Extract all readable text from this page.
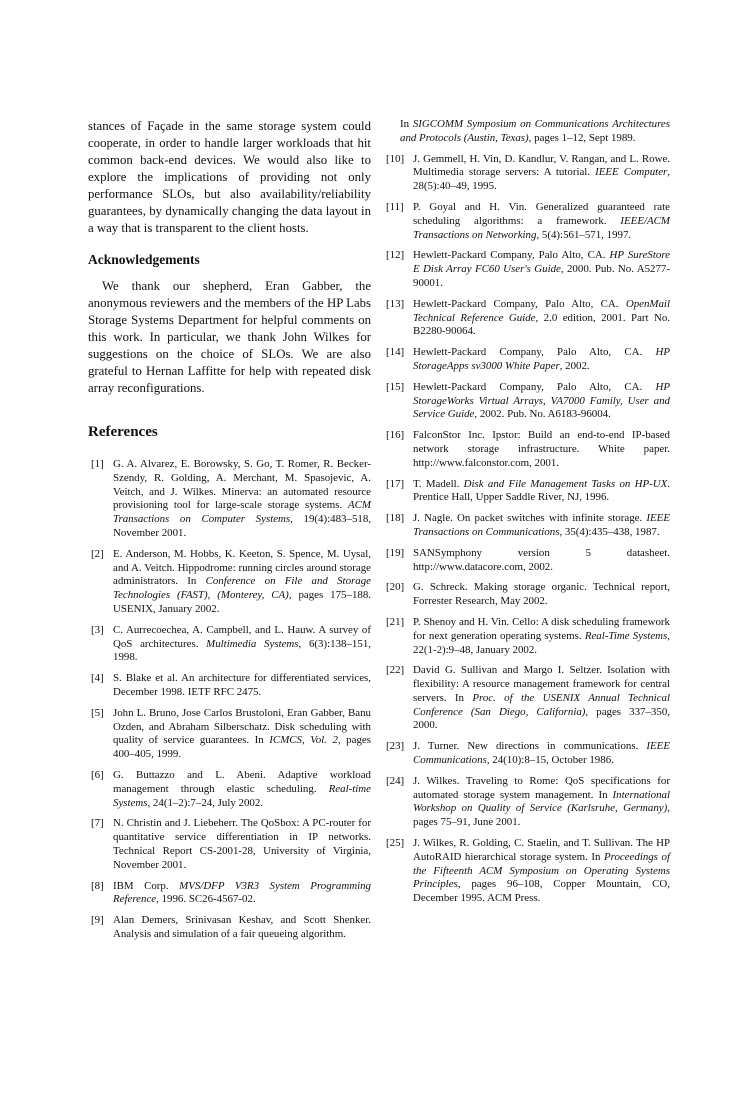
stances of Façade in the same storage system could cooperate, in order to handle larger workloads that hit common back-end devices. We would also like to explore the implications of providing not only performance SLOs, but also availability/reliability guarantees, by dynamically changing the data layout in a way that is transparent to the client hosts.

Acknowledgements

We thank our shepherd, Eran Gabber, the anonymous reviewers and the members of the HP Labs Storage Systems Department for helpful comments on this work. In particular, we thank John Wilkes for suggestions on the choice of SLOs. We are also grateful to Hernan Laffitte for help with repeated disk array reconfigurations.

References
[1] G. A. Alvarez, E. Borowsky, S. Go, T. Romer, R. Becker-Szendy, R. Golding, A. Merchant, M. Spasojevic, A. Veitch, and J. Wilkes. Minerva: an automated resource provisioning tool for large-scale storage systems. ACM Transactions on Computer Systems, 19(4):483–518, November 2001.
[2] E. Anderson, M. Hobbs, K. Keeton, S. Spence, M. Uysal, and A. Veitch. Hippodrome: running circles around storage administrators. In Conference on File and Storage Technologies (FAST), (Monterey, CA), pages 175–188. USENIX, January 2002.
[3] C. Aurrecoechea, A. Campbell, and L. Hauw. A survey of QoS architectures. Multimedia Systems, 6(3):138–151, 1998.
[4] S. Blake et al. An architecture for differentiated services, December 1998. IETF RFC 2475.
[5] John L. Bruno, Jose Carlos Brustoloni, Eran Gabber, Banu Ozden, and Abraham Silberschatz. Disk scheduling with quality of service guarantees. In ICMCS, Vol. 2, pages 400–405, 1999.
[6] G. Buttazzo and L. Abeni. Adaptive workload management through elastic scheduling. Real-time Systems, 24(1–2):7–24, July 2002.
[7] N. Christin and J. Liebeherr. The QoSbox: A PC-router for quantitative service differentiation in IP networks. Technical Report CS-2001-28, University of Virginia, November 2001.
[8] IBM Corp. MVS/DFP V3R3 System Programming Reference, 1996. SC26-4567-02.
[9] Alan Demers, Srinivasan Keshav, and Scott Shenker. Analysis and simulation of a fair queueing algorithm.

In SIGCOMM Symposium on Communications Architectures and Protocols (Austin, Texas), pages 1–12, Sept 1989.

[10] J. Gemmell, H. Vin, D. Kandlur, V. Rangan, and L. Rowe. Multimedia storage servers: A tutorial. IEEE Computer, 28(5):40–49, 1995.
[11] P. Goyal and H. Vin. Generalized guaranteed rate scheduling algorithms: a framework. IEEE/ACM Transactions on Networking, 5(4):561–571, 1997.
[12] Hewlett-Packard Company, Palo Alto, CA. HP SureStore E Disk Array FC60 User's Guide, 2000. Pub. No. A5277-90001.
[13] Hewlett-Packard Company, Palo Alto, CA. OpenMail Technical Reference Guide, 2.0 edition, 2001. Part No. B2280-90064.
[14] Hewlett-Packard Company, Palo Alto, CA. HP StorageApps sv3000 White Paper, 2002.
[15] Hewlett-Packard Company, Palo Alto, CA. HP StorageWorks Virtual Arrays, VA7000 Family, User and Service Guide, 2002. Pub. No. A6183-96004.
[16] FalconStor Inc. Ipstor: Build an end-to-end IP-based network storage infrastructure. White paper. http://www.falconstor.com, 2001.
[17] T. Madell. Disk and File Management Tasks on HP-UX. Prentice Hall, Upper Saddle River, NJ, 1996.
[18] J. Nagle. On packet switches with infinite storage. IEEE Transactions on Communications, 35(4):435–438, 1987.
[19] SANSymphony version 5 datasheet. http://www.datacore.com, 2002.
[20] G. Schreck. Making storage organic. Technical report, Forrester Research, May 2002.
[21] P. Shenoy and H. Vin. Cello: A disk scheduling framework for next generation operating systems. Real-Time Systems, 22(1-2):9–48, January 2002.
[22] David G. Sullivan and Margo I. Seltzer. Isolation with flexibility: A resource management framework for central servers. In Proc. of the USENIX Annual Technical Conference (San Diego, California), pages 337–350, 2000.
[23] J. Turner. New directions in communications. IEEE Communications, 24(10):8–15, October 1986.
[24] J. Wilkes. Traveling to Rome: QoS specifications for automated storage system management. In International Workshop on Quality of Service (Karlsruhe, Germany), pages 75–91, June 2001.
[25] J. Wilkes, R. Golding, C. Staelin, and T. Sullivan. The HP AutoRAID hierarchical storage system. In Proceedings of the Fifteenth ACM Symposium on Operating Systems Principles, pages 96–108, Copper Mountain, CO, December 1995. ACM Press.
